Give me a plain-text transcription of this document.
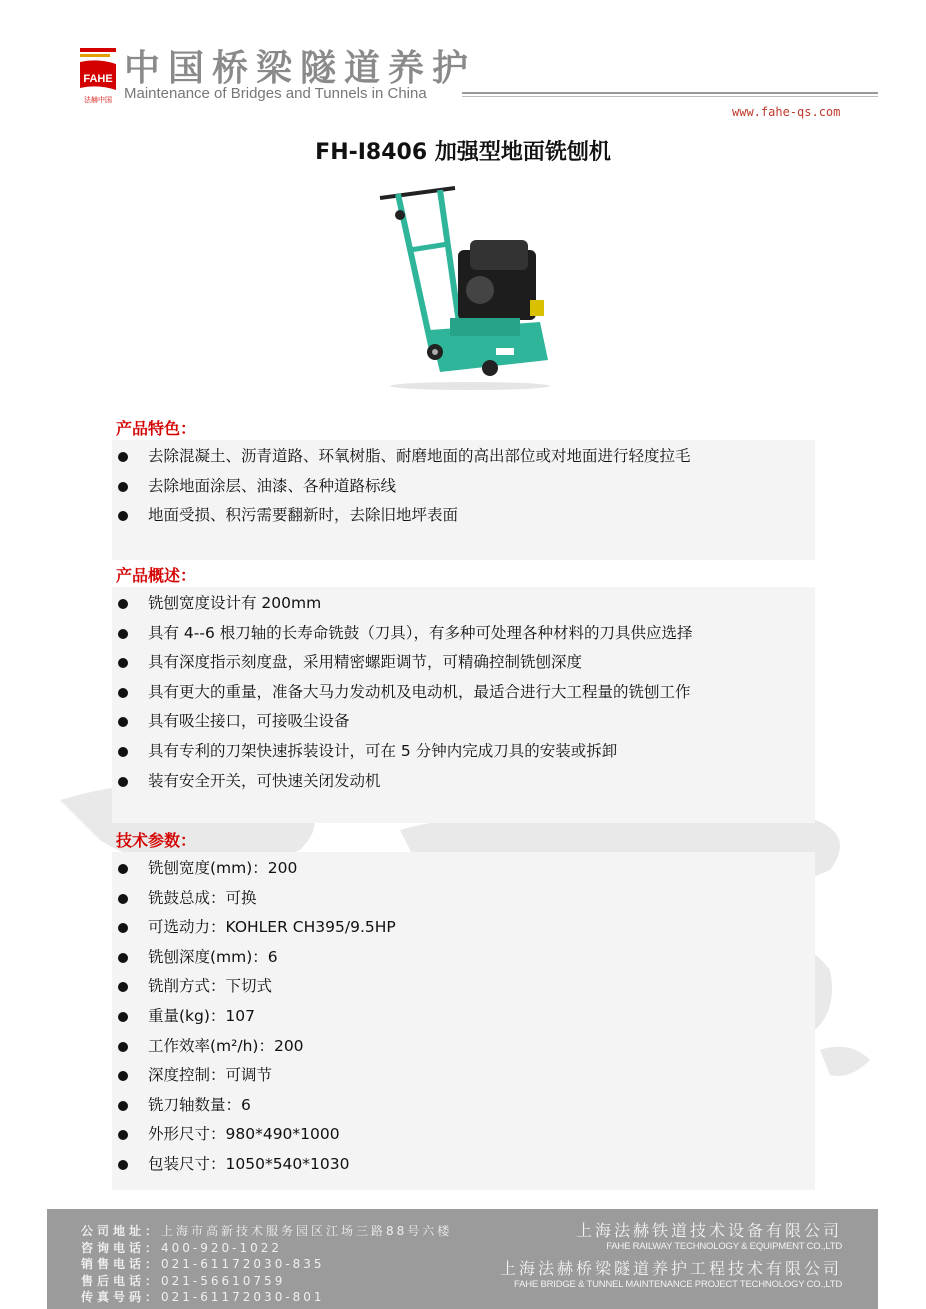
FAHE
法赫中国
中国桥梁隧道养护
Maintenance of Bridges and Tunnels in China
www.fahe-qs.com
FH-I8406 加强型地面铣刨机
产品特色：
去除混凝土、沥青道路、环氧树脂、耐磨地面的高出部位或对地面进行轻度拉毛
去除地面涂层、油漆、各种道路标线
地面受损、积污需要翻新时，去除旧地坪表面
产品概述：
铣刨宽度设计有 200mm
具有 4--6 根刀轴的长寿命铣鼓（刀具），有多种可处理各种材料的刀具供应选择
具有深度指示刻度盘，采用精密螺距调节，可精确控制铣刨深度
具有更大的重量，准备大马力发动机及电动机，最适合进行大工程量的铣刨工作
具有吸尘接口，可接吸尘设备
具有专利的刀架快速拆装设计，可在 5 分钟内完成刀具的安装或拆卸
装有安全开关，可快速关闭发动机
技术参数：
铣刨宽度(mm)：200
铣鼓总成：可换
可选动力：KOHLER CH395/9.5HP
铣刨深度(mm)：6
铣削方式：下切式
重量(kg)：107
工作效率(m²/h)：200
深度控制：可调节
铣刀轴数量：6
外形尺寸：980*490*1000
包装尺寸：1050*540*1030
公司地址：上海市高新技术服务园区江场三路88号六楼
咨询电话：400-920-1022
销售电话：021-61172030-835
售后电话：021-56610759
传真号码：021-61172030-801
上海法赫铁道技术设备有限公司
FAHE RAILWAY TECHNOLOGY & EQUIPMENT CO.,LTD
上海法赫桥梁隧道养护工程技术有限公司
FAHE BRIDGE & TUNNEL MAINTENANCE PROJECT TECHNOLOGY CO.,LTD
